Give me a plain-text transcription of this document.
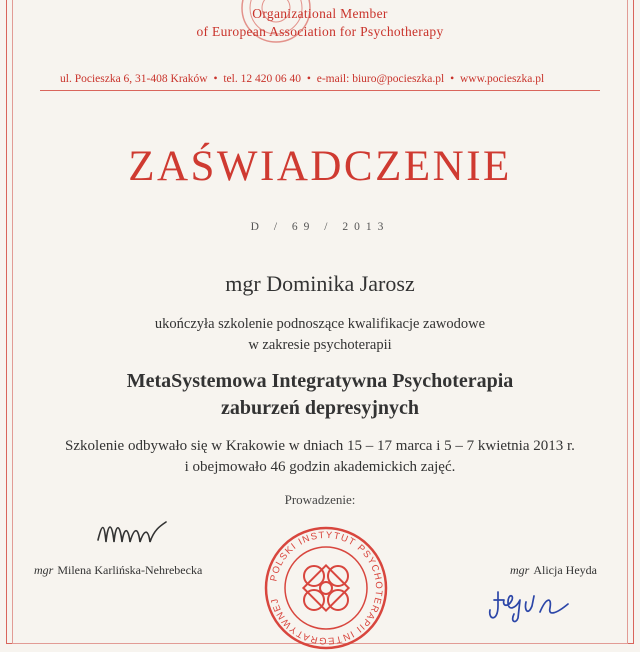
Organizational Member
of European Association for Psychotherapy
ul. Pocieszka 6, 31-408 Kraków • tel. 12 420 06 40 • e-mail: biuro@pocieszka.pl • www.pocieszka.pl
ZAŚWIADCZENIE
D / 69 / 2013
mgr Dominika Jarosz
ukończyła szkolenie podnoszące kwalifikacje zawodowe
w zakresie psychoterapii
MetaSystemowa Integratywna Psychoterapia
zaburzeń depresyjnych
Szkolenie odbywało się w Krakowie w dniach 15 – 17 marca i 5 – 7 kwietnia 2013 r.
i obejmowało 46 godzin akademickich zajęć.
Prowadzenie:
mgr Milena Karlińska-Nehrebecka	mgr Alicja Heyda
POLSKI INSTYTUT PSYCHOTERAPII INTEGRATYWNEJ
